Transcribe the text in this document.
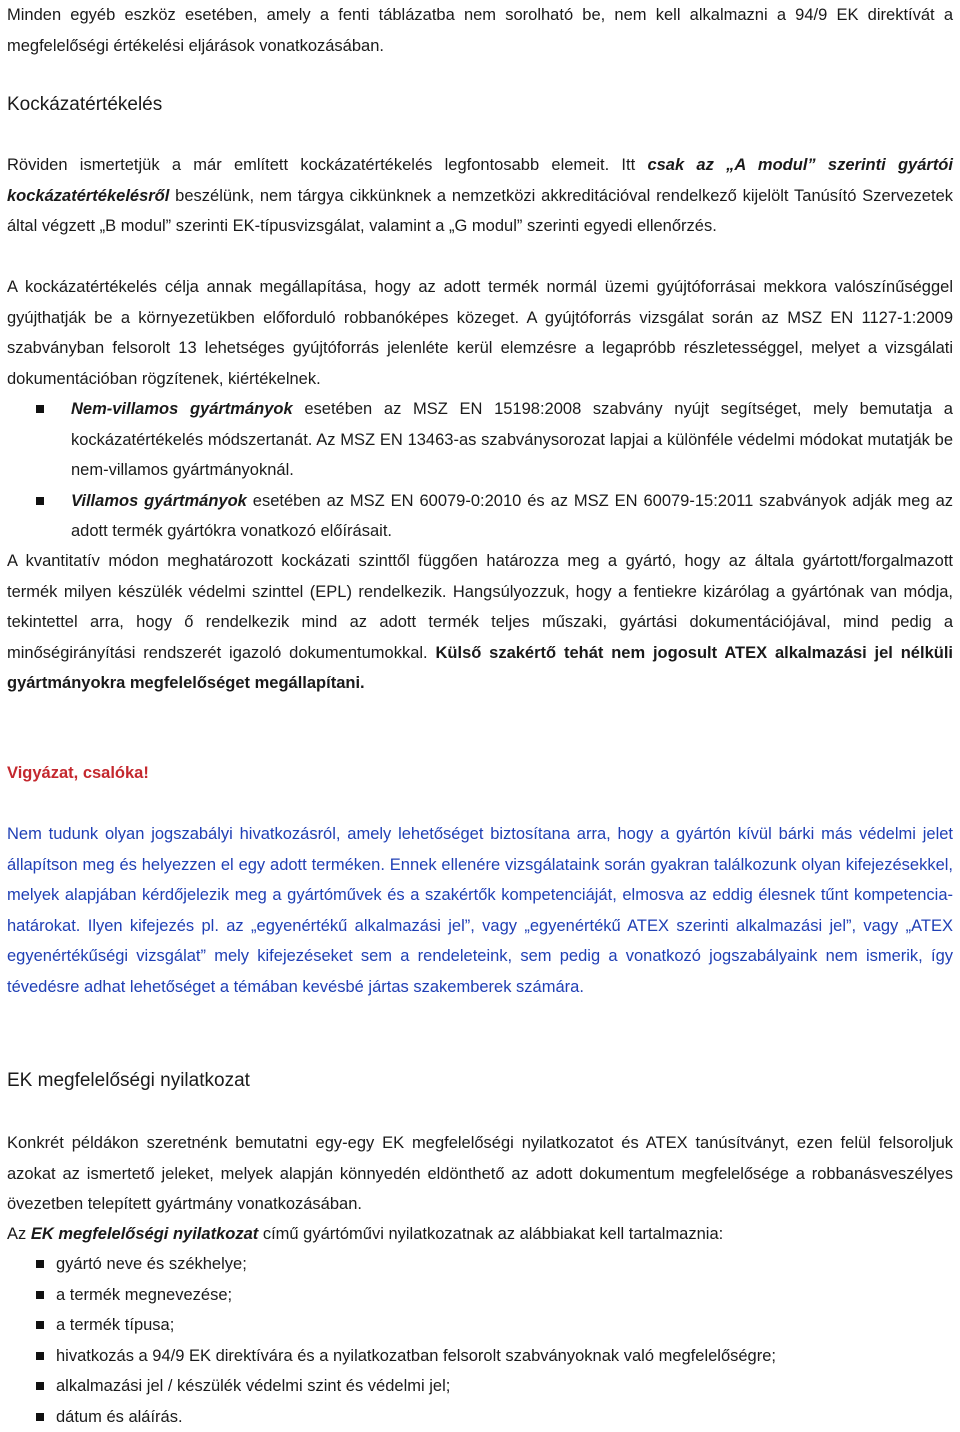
Minden egyéb eszköz esetében, amely a fenti táblázatba nem sorolható be, nem kell alkalmazni a 94/9 EK direktívát a megfelelőségi értékelési eljárások vonatkozásában.

Kockázatértékelés

Röviden ismertetjük a már említett kockázatértékelés legfontosabb elemeit. Itt csak az „A modul” szerinti gyártói kockázatértékelésről beszélünk, nem tárgya cikkünknek a nemzetközi akkreditációval rendelkező kijelölt Tanúsító Szervezetek által végzett „B modul” szerinti EK-típusvizsgálat, valamint a „G modul” szerinti egyedi ellenőrzés.

A kockázatértékelés célja annak megállapítása, hogy az adott termék normál üzemi gyújtóforrásai mekkora valószínűséggel gyújthatják be a környezetükben előforduló robbanóképes közeget. A gyújtóforrás vizsgálat során az MSZ EN 1127-1:2009 szabványban felsorolt 13 lehetséges gyújtóforrás jelenléte kerül elemzésre a legapróbb részletességgel, melyet a vizsgálati dokumentációban rögzítenek, kiértékelnek.

Nem-villamos gyártmányok esetében az MSZ EN 15198:2008 szabvány nyújt segítséget, mely bemutatja a kockázatértékelés módszertanát. Az MSZ EN 13463-as szabványsorozat lapjai a különféle védelmi módokat mutatják be nem-villamos gyártmányoknál.
Villamos gyártmányok esetében az MSZ EN 60079-0:2010 és az MSZ EN 60079-15:2011 szabványok adják meg az adott termék gyártókra vonatkozó előírásait.

A kvantitatív módon meghatározott kockázati szinttől függően határozza meg a gyártó, hogy az általa gyártott/forgalmazott termék milyen készülék védelmi szinttel (EPL) rendelkezik. Hangsúlyozzuk, hogy a fentiekre kizárólag a gyártónak van módja, tekintettel arra, hogy ő rendelkezik mind az adott termék teljes műszaki, gyártási dokumentációjával, mind pedig a minőségirányítási rendszerét igazoló dokumentumokkal. Külső szakértő tehát nem jogosult ATEX alkalmazási jel nélküli gyártmányokra megfelelőséget megállapítani.

Vigyázat, csalóka!

Nem tudunk olyan jogszabályi hivatkozásról, amely lehetőséget biztosítana arra, hogy a gyártón kívül bárki más védelmi jelet állapítson meg és helyezzen el egy adott terméken. Ennek ellenére vizsgálataink során gyakran találkozunk olyan kifejezésekkel, melyek alapjában kérdőjelezik meg a gyártóművek és a szakértők kompetenciáját, elmosva az eddig élesnek tűnt kompetencia-határokat. Ilyen kifejezés pl. az „egyenértékű alkalmazási jel”, vagy „egyenértékű ATEX szerinti alkalmazási jel”, vagy „ATEX egyenértékűségi vizsgálat” mely kifejezéseket sem a rendeleteink, sem pedig a vonatkozó jogszabályaink nem ismerik, így tévedésre adhat lehetőséget a témában kevésbé jártas szakemberek számára.

EK megfelelőségi nyilatkozat

Konkrét példákon szeretnénk bemutatni egy-egy EK megfelelőségi nyilatkozatot és ATEX tanúsítványt, ezen felül felsoroljuk azokat az ismertető jeleket, melyek alapján könnyedén eldönthető az adott dokumentum megfelelősége a robbanásveszélyes övezetben telepített gyártmány vonatkozásában.

Az EK megfelelőségi nyilatkozat című gyártóművi nyilatkozatnak az alábbiakat kell tartalmaznia:

gyártó neve és székhelye;
a termék megnevezése;
a termék típusa;
hivatkozás a 94/9 EK direktívára és a nyilatkozatban felsorolt szabványoknak való megfelelőségre;
alkalmazási jel / készülék védelmi szint és védelmi jel;
dátum és aláírás.
